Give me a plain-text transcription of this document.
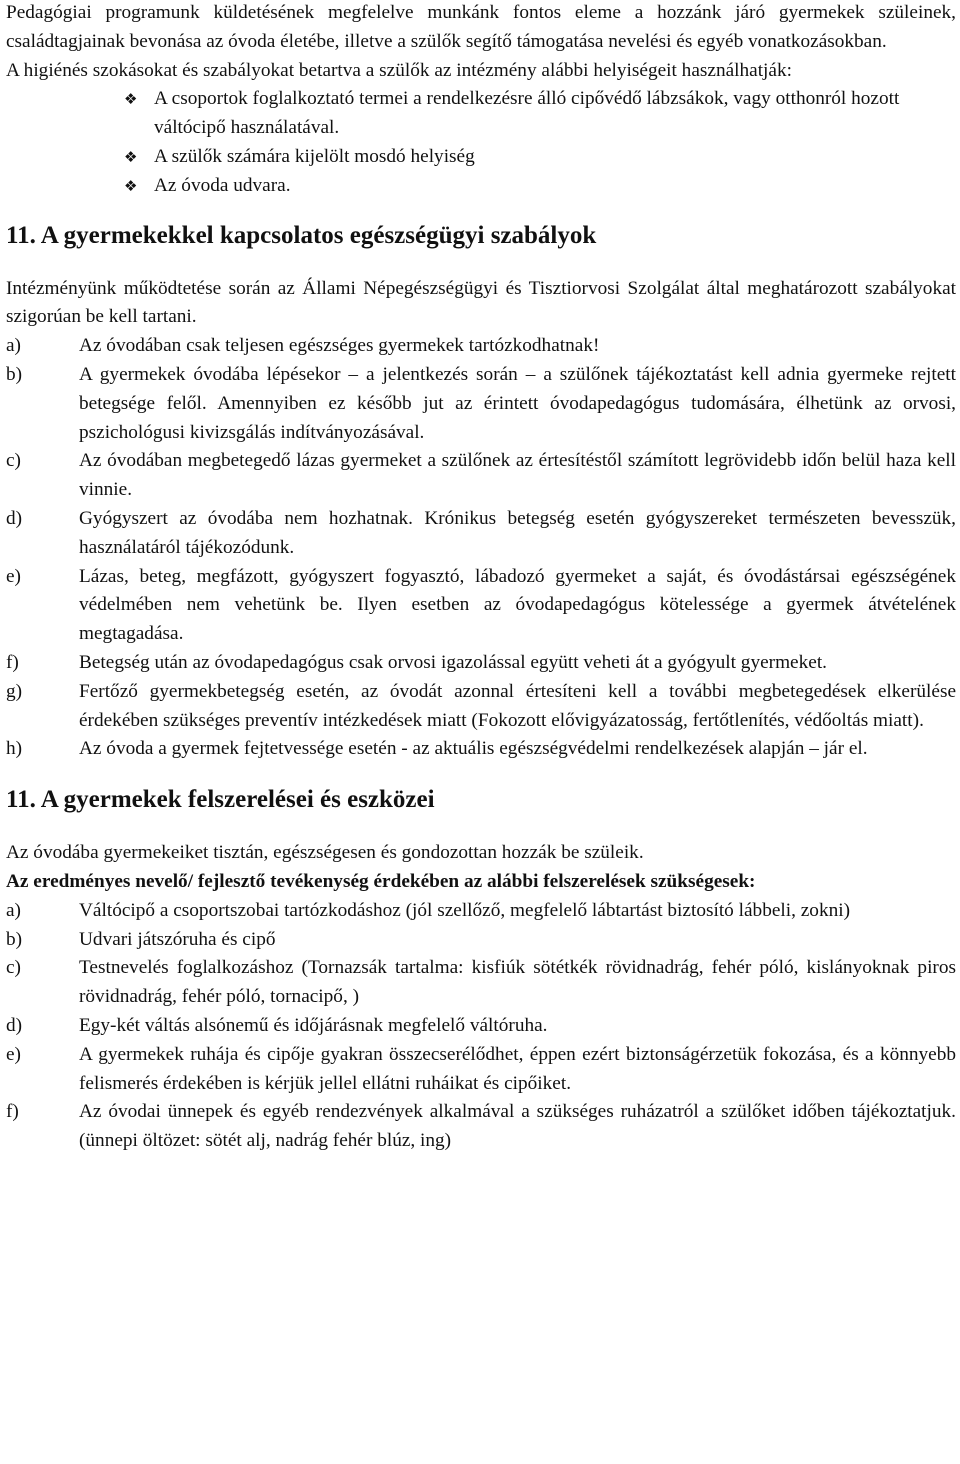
Pedagógiai programunk küldetésének megfelelve munkánk fontos eleme a hozzánk járó gyermekek szüleinek, családtagjainak bevonása az óvoda életébe, illetve a szülők segítő támogatása nevelési és egyéb vonatkozásokban.

A higiénés szokásokat és szabályokat betartva a szülők az intézmény alábbi helyiségeit használhatják:

❖ A csoportok foglalkoztató termei a rendelkezésre álló cipővédő lábzsákok, vagy otthonról hozott váltócipő használatával.
❖ A szülők számára kijelölt mosdó helyiség
❖ Az óvoda udvara.
11. A gyermekekkel kapcsolatos egészségügyi szabályok

Intézményünk működtetése során az Állami Népegészségügyi és Tisztiorvosi Szolgálat által meghatározott szabályokat szigorúan be kell tartani.

a)	Az óvodában csak teljesen egészséges gyermekek tartózkodhatnak!
b)	A gyermekek óvodába lépésekor – a jelentkezés során – a szülőnek tájékoztatást kell adnia gyermeke rejtett betegsége felől. Amennyiben ez később jut az érintett óvodapedagógus tudomására, élhetünk az orvosi, pszichológusi kivizsgálás indítványozásával.
c)	Az óvodában megbetegedő lázas gyermeket a szülőnek az értesítéstől számított legrövidebb időn belül haza kell vinnie.
d)	Gyógyszert az óvodába nem hozhatnak. Krónikus betegség esetén gyógyszereket természeten bevesszük, használatáról tájékozódunk.
e)	Lázas, beteg, megfázott, gyógyszert fogyasztó, lábadozó gyermeket a saját, és óvodástársai egészségének védelmében nem vehetünk be. Ilyen esetben az óvodapedagógus kötelessége a gyermek átvételének megtagadása.
f)	Betegség után az óvodapedagógus csak orvosi igazolással együtt veheti át a gyógyult gyermeket.
g)	Fertőző gyermekbetegség esetén, az óvodát azonnal értesíteni kell a további megbetegedések elkerülése érdekében szükséges preventív intézkedések miatt (Fokozott elővigyázatosság, fertőtlenítés, védőoltás miatt).
h)	Az óvoda a gyermek fejtetvessége esetén - az aktuális egészségvédelmi rendelkezések alapján – jár el.
11. A gyermekek felszerelései és eszközei

Az óvodába gyermekeiket tisztán, egészségesen és gondozottan hozzák be szüleik.

Az eredményes nevelő/ fejlesztő tevékenység érdekében az alábbi felszerelések szükségesek:

a)	Váltócipő a csoportszobai tartózkodáshoz (jól szellőző, megfelelő lábtartást biztosító lábbeli, zokni)
b)	Udvari játszóruha és cipő
c)	Testnevelés foglalkozáshoz (Tornazsák tartalma: kisfiúk sötétkék rövidnadrág, fehér póló, kislányoknak piros rövidnadrág, fehér póló, tornacipő, )
d)	Egy-két váltás alsónemű és időjárásnak megfelelő váltóruha.
e)	A gyermekek ruhája és cipője gyakran összecserélődhet, éppen ezért biztonságérzetük fokozása, és a könnyebb felismerés érdekében is kérjük jellel ellátni ruháikat és cipőiket.
f)	Az óvodai ünnepek és egyéb rendezvények alkalmával a szükséges ruházatról a szülőket időben tájékoztatjuk. (ünnepi öltözet: sötét alj, nadrág fehér blúz, ing)
